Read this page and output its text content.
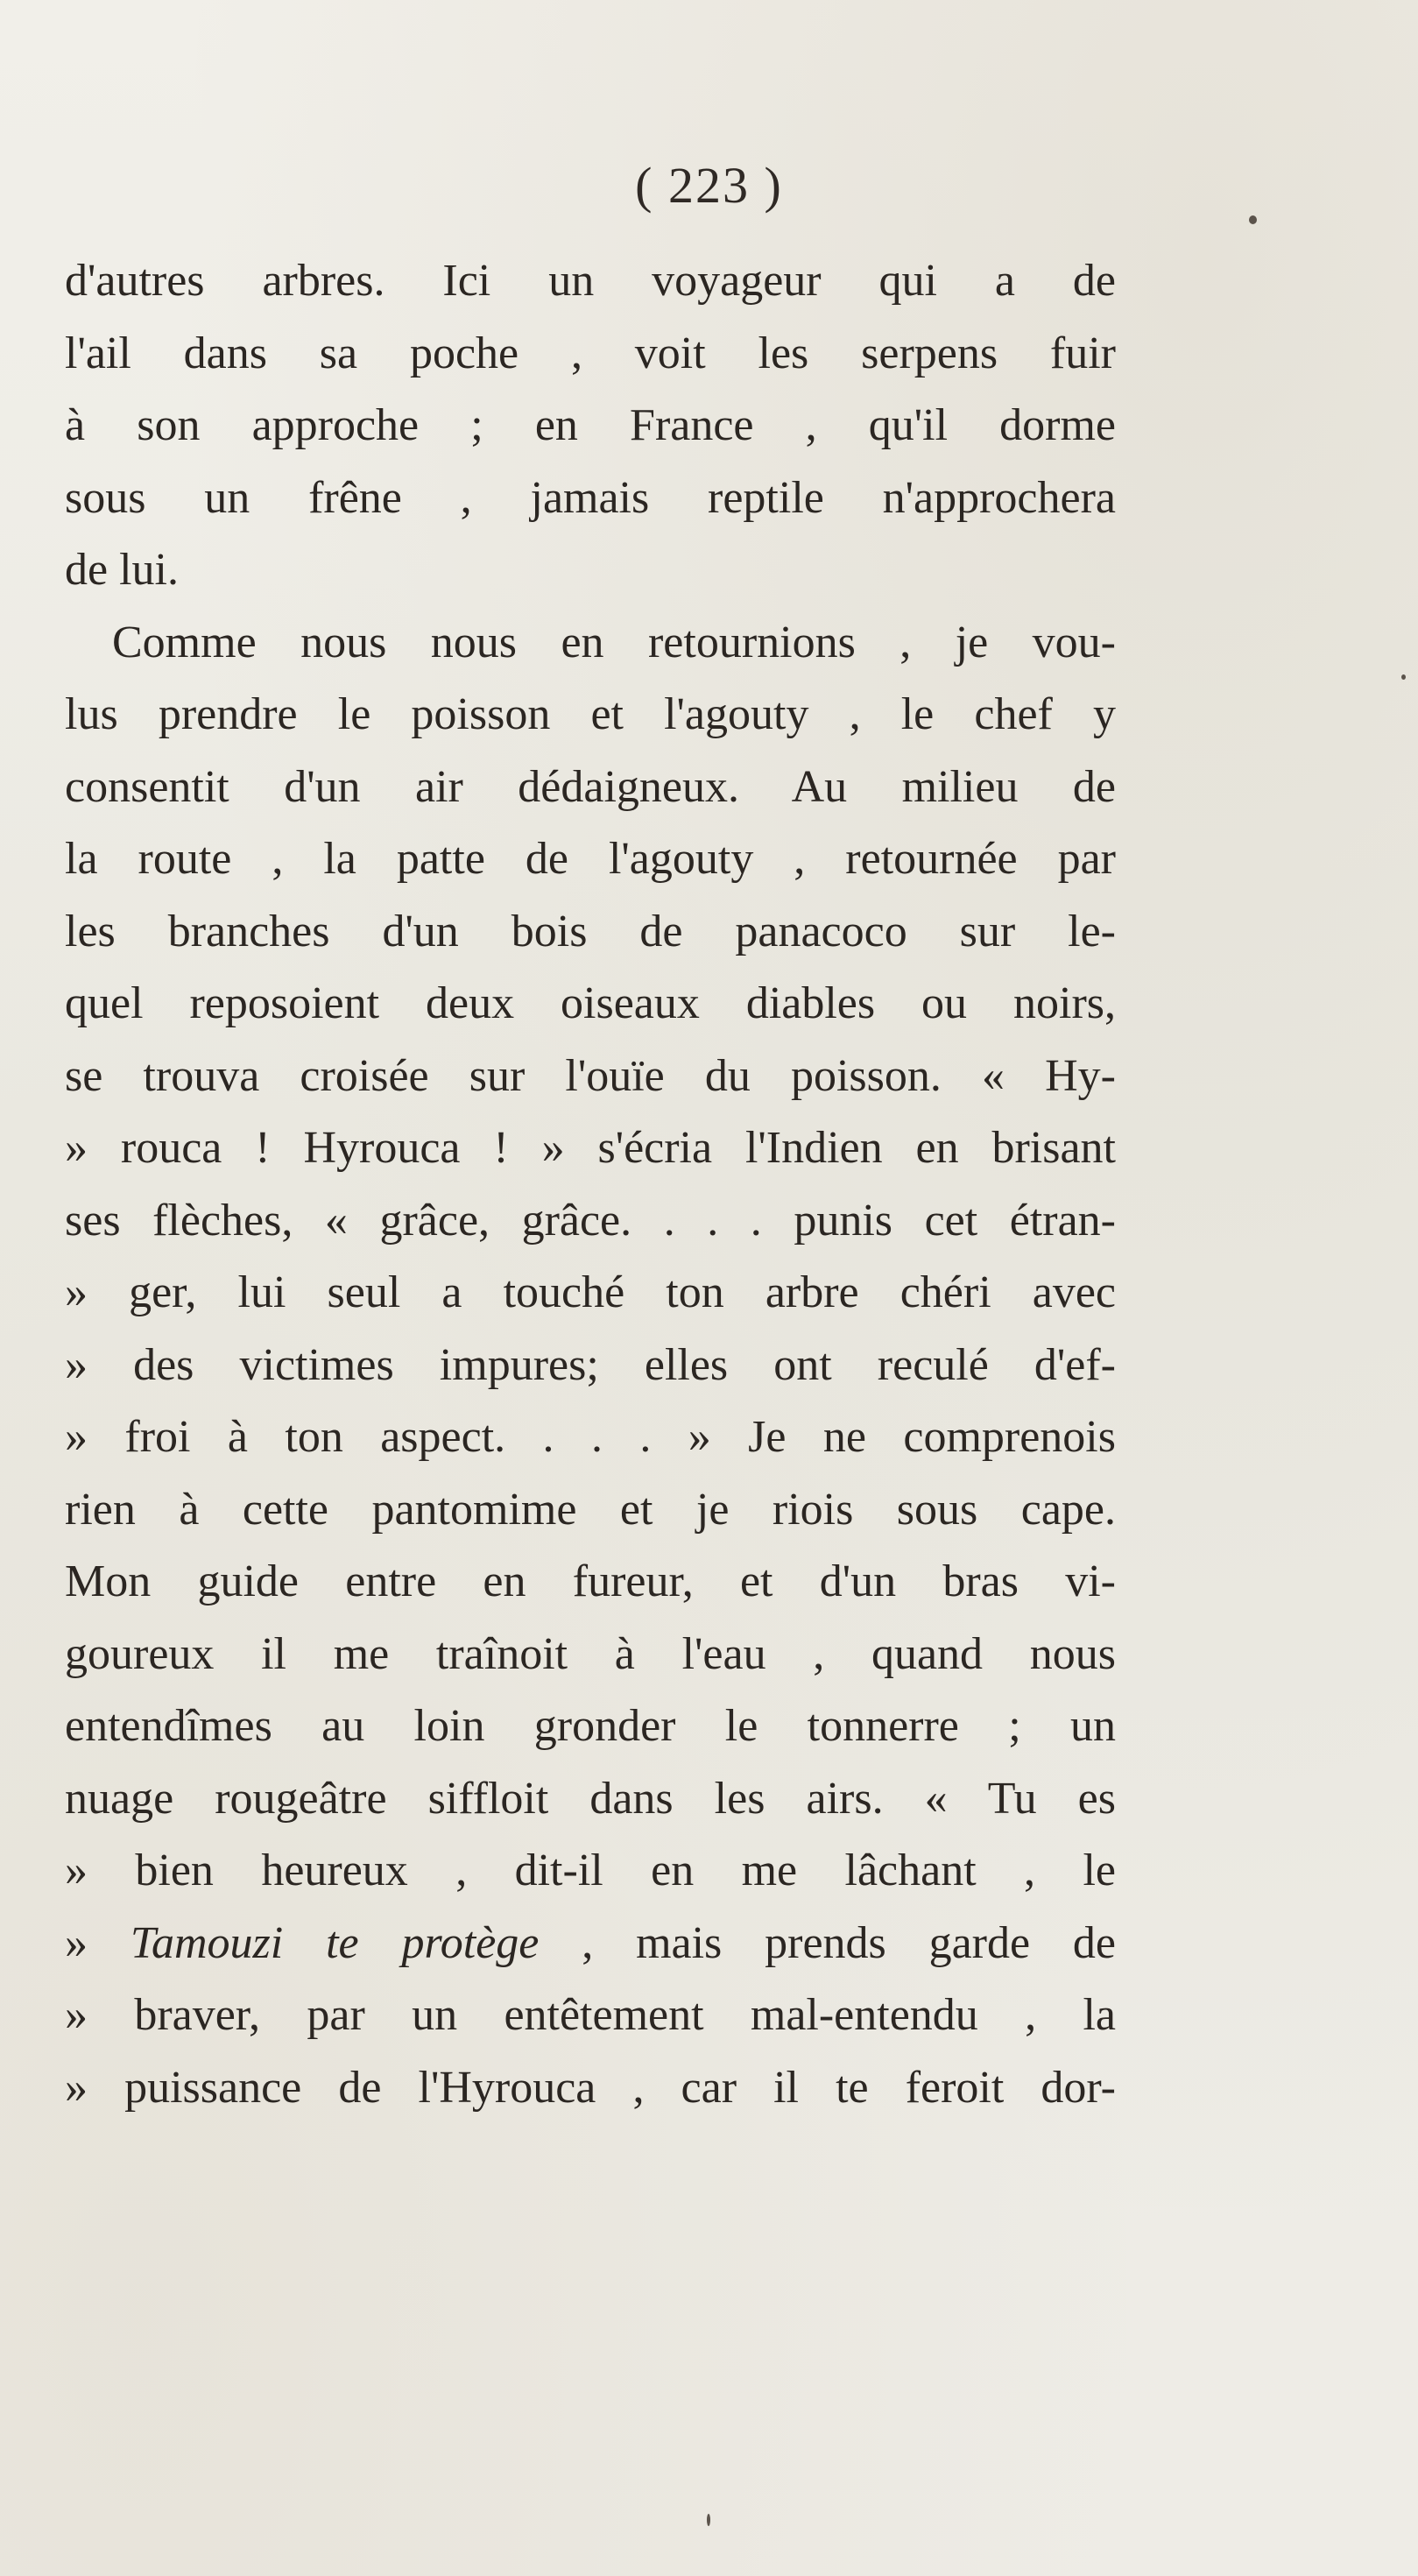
( 223 )
d'autres arbres. Ici un voyageur qui a de
l'ail dans sa poche , voit les serpens fuir
à son approche ; en France , qu'il dorme
sous un frêne , jamais reptile n'approchera
de lui.
Comme nous nous en retournions , je vou-
lus prendre le poisson et l'agouty , le chef y
consentit d'un air dédaigneux. Au milieu de
la route , la patte de l'agouty , retournée par
les branches d'un bois de panacoco sur le-
quel reposoient deux oiseaux diables ou noirs,
se trouva croisée sur l'ouïe du poisson. « Hy-
» rouca ! Hyrouca ! » s'écria l'Indien en brisant
ses flèches, « grâce, grâce. . . . punis cet étran-
» ger, lui seul a touché ton arbre chéri avec
» des victimes impures; elles ont reculé d'ef-
» froi à ton aspect. . . . » Je ne comprenois
rien à cette pantomime et je riois sous cape.
Mon guide entre en fureur, et d'un bras vi-
goureux il me traînoit à l'eau , quand nous
entendîmes au loin gronder le tonnerre ; un
nuage rougeâtre siffloit dans les airs. « Tu es
» bien heureux , dit-il en me lâchant , le
» Tamouzi te protège , mais prends garde de
» braver, par un entêtement mal-entendu , la
» puissance de l'Hyrouca , car il te feroit dor-
